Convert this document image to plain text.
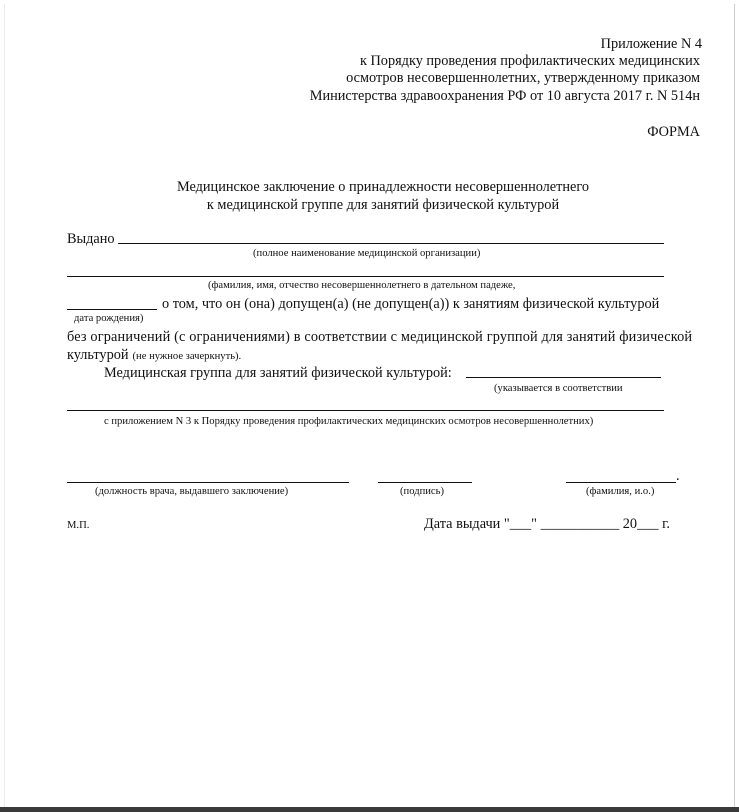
Приложение N 4
к Порядку проведения профилактических медицинских
осмотров несовершеннолетних, утвержденному приказом
Министерства здравоохранения РФ от 10 августа 2017 г. N 514н
ФОРМА
Медицинское заключение о принадлежности несовершеннолетнего
к медицинской группе для занятий физической культурой
Выдано
(полное наименование медицинской организации)
(фамилия, имя, отчество несовершеннолетнего в дательном падеже,
о том, что он (она) допущен(а) (не допущен(а)) к занятиям физической культурой
дата рождения)
без ограничений (с ограничениями) в соответствии с медицинской группой для занятий физической
культурой (не нужное зачеркнуть).
Медицинская группа для занятий физической культурой:
(указывается в соответствии
с приложением N 3 к Порядку проведения профилактических медицинских осмотров несовершеннолетних)
.
(должность врача, выдавшего заключение)	(подпись)	(фамилия, и.о.)
М.П.	Дата выдачи "___" ___________ 20___ г.
